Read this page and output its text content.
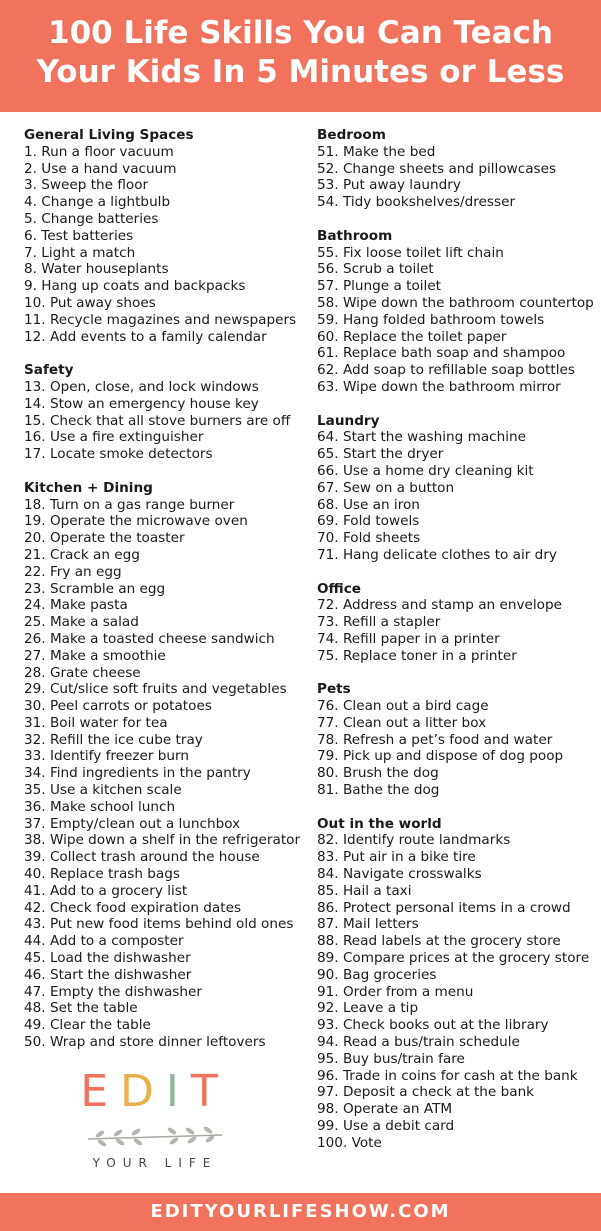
100 Life Skills You Can Teach
Your Kids In 5 Minutes or Less
General Living Spaces
1. Run a floor vacuum
2. Use a hand vacuum
3. Sweep the floor
4. Change a lightbulb
5. Change batteries
6. Test batteries
7. Light a match
8. Water houseplants
9. Hang up coats and backpacks
10. Put away shoes
11. Recycle magazines and newspapers
12. Add events to a family calendar
Safety
13. Open, close, and lock windows
14. Stow an emergency house key
15. Check that all stove burners are off
16. Use a fire extinguisher
17. Locate smoke detectors
Kitchen + Dining
18. Turn on a gas range burner
19. Operate the microwave oven
20. Operate the toaster
21. Crack an egg
22. Fry an egg
23. Scramble an egg
24. Make pasta
25. Make a salad
26. Make a toasted cheese sandwich
27. Make a smoothie
28. Grate cheese
29. Cut/slice soft fruits and vegetables
30. Peel carrots or potatoes
31. Boil water for tea
32. Refill the ice cube tray
33. Identify freezer burn
34. Find ingredients in the pantry
35. Use a kitchen scale
36. Make school lunch
37. Empty/clean out a lunchbox
38. Wipe down a shelf in the refrigerator
39. Collect trash around the house
40. Replace trash bags
41. Add to a grocery list
42. Check food expiration dates
43. Put new food items behind old ones
44. Add to a composter
45. Load the dishwasher
46. Start the dishwasher
47. Empty the dishwasher
48. Set the table
49. Clear the table
50. Wrap and store dinner leftovers
Bedroom
51. Make the bed
52. Change sheets and pillowcases
53. Put away laundry
54. Tidy bookshelves/dresser
Bathroom
55. Fix loose toilet lift chain
56. Scrub a toilet
57. Plunge a toilet
58. Wipe down the bathroom countertop
59. Hang folded bathroom towels
60. Replace the toilet paper
61. Replace bath soap and shampoo
62. Add soap to refillable soap bottles
63. Wipe down the bathroom mirror
Laundry
64. Start the washing machine
65. Start the dryer
66. Use a home dry cleaning kit
67. Sew on a button
68. Use an iron
69. Fold towels
70. Fold sheets
71. Hang delicate clothes to air dry
Office
72. Address and stamp an envelope
73. Refill a stapler
74. Refill paper in a printer
75. Replace toner in a printer
Pets
76. Clean out a bird cage
77. Clean out a litter box
78. Refresh a pet’s food and water
79. Pick up and dispose of dog poop
80. Brush the dog
81. Bathe the dog
Out in the world
82. Identify route landmarks
83. Put air in a bike tire
84. Navigate crosswalks
85. Hail a taxi
86. Protect personal items in a crowd
87. Mail letters
88. Read labels at the grocery store
89. Compare prices at the grocery store
90. Bag groceries
91. Order from a menu
92. Leave a tip
93. Check books out at the library
94. Read a bus/train schedule
95. Buy bus/train fare
96. Trade in coins for cash at the bank
97. Deposit a check at the bank
98. Operate an ATM
99. Use a debit card
100. Vote
EDIT
YOUR LIFE
EDITYOURLIFESHOW.COM
